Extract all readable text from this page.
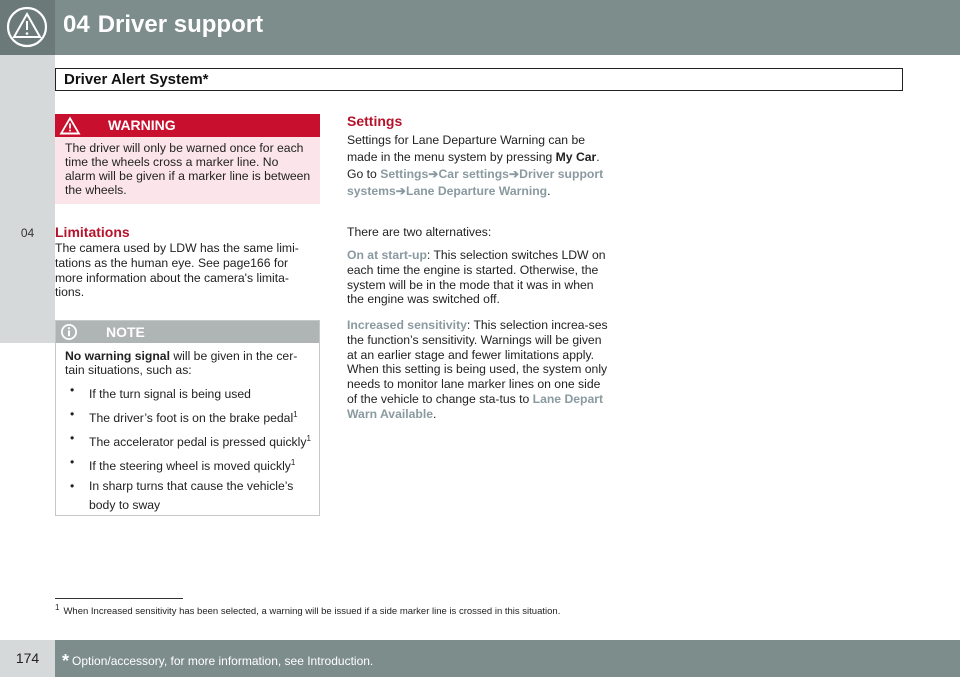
04 Driver support
04
Driver Alert System*
WARNING
The driver will only be warned once for each time the wheels cross a marker line. No alarm will be given if a marker line is between the wheels.
Limitations
The camera used by LDW has the same limi-tations as the human eye. See page166 for more information about the camera's limita-tions.
NOTE
No warning signal will be given in the cer-tain situations, such as:
• If the turn signal is being used
• The driver’s foot is on the brake pedal$^1$
• The accelerator pedal is pressed quickly$^1$
• If the steering wheel is moved quickly$^1$
• In sharp turns that cause the vehicle’s body to sway
Settings
Settings for Lane Departure Warning can be made in the menu system by pressing My Car. Go to Settings➔Car settings➔Driver support systems➔Lane Departure Warning.
There are two alternatives:
On at start-up: This selection switches LDW on each time the engine is started. Otherwise, the system will be in the mode that it was in when the engine was switched off.
Increased sensitivity: This selection increa-ses the function’s sensitivity. Warnings will be given at an earlier stage and fewer limitations apply. When this setting is being used, the system only needs to monitor lane marker lines on one side of the vehicle to change sta-tus to Lane Depart Warn Available.
$^1$ When Increased sensitivity has been selected, a warning will be issued if a side marker line is crossed in this situation.
174	* Option/accessory, for more information, see Introduction.
